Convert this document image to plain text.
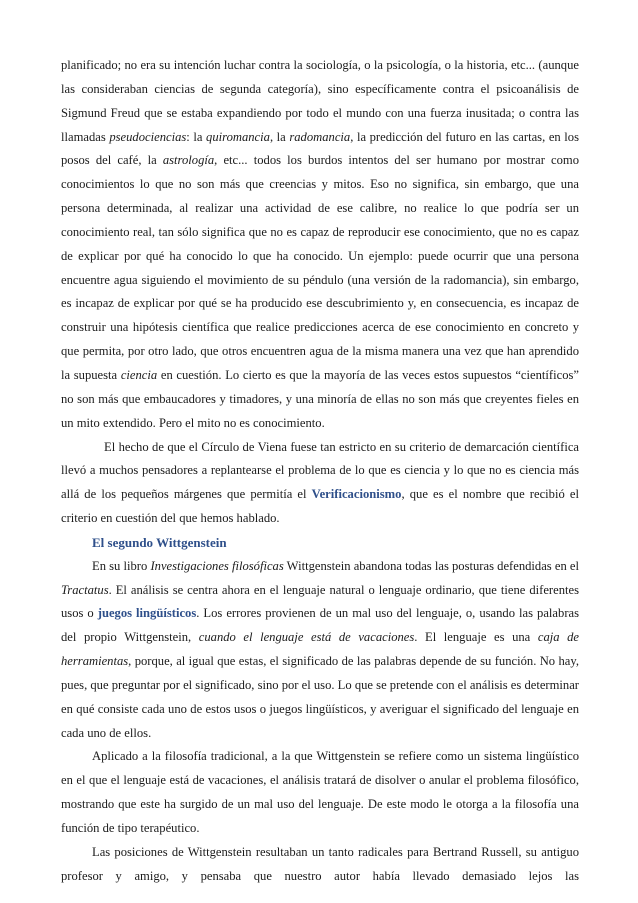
planificado; no era su intención luchar contra la sociología, o la psicología, o la historia, etc... (aunque las consideraban ciencias de segunda categoría), sino específicamente contra el psicoanálisis de Sigmund Freud que se estaba expandiendo por todo el mundo con una fuerza inusitada; o contra las llamadas pseudociencias: la quiromancia, la radomancia, la predicción del futuro en las cartas, en los posos del café, la astrología, etc... todos los burdos intentos del ser humano por mostrar como conocimientos lo que no son más que creencias y mitos. Eso no significa, sin embargo, que una persona determinada, al realizar una actividad de ese calibre, no realice lo que podría ser un conocimiento real, tan sólo significa que no es capaz de reproducir ese conocimiento, que no es capaz de explicar por qué ha conocido lo que ha conocido. Un ejemplo: puede ocurrir que una persona encuentre agua siguiendo el movimiento de su péndulo (una versión de la radomancia), sin embargo, es incapaz de explicar por qué se ha producido ese descubrimiento y, en consecuencia, es incapaz de construir una hipótesis científica que realice predicciones acerca de ese conocimiento en concreto y que permita, por otro lado, que otros encuentren agua de la misma manera una vez que han aprendido la supuesta ciencia en cuestión. Lo cierto es que la mayoría de las veces estos supuestos “científicos” no son más que embaucadores y timadores, y una minoría de ellas no son más que creyentes fieles en un mito extendido. Pero el mito no es conocimiento.

El hecho de que el Círculo de Viena fuese tan estricto en su criterio de demarcación científica llevó a muchos pensadores a replantearse el problema de lo que es ciencia y lo que no es ciencia más allá de los pequeños márgenes que permitía el Verificacionismo, que es el nombre que recibió el criterio en cuestión del que hemos hablado.

El segundo Wittgenstein

En su libro Investigaciones filosóficas Wittgenstein abandona todas las posturas defendidas en el Tractatus. El análisis se centra ahora en el lenguaje natural o lenguaje ordinario, que tiene diferentes usos o juegos lingüísticos. Los errores provienen de un mal uso del lenguaje, o, usando las palabras del propio Wittgenstein, cuando el lenguaje está de vacaciones. El lenguaje es una caja de herramientas, porque, al igual que estas, el significado de las palabras depende de su función. No hay, pues, que preguntar por el significado, sino por el uso. Lo que se pretende con el análisis es determinar en qué consiste cada uno de estos usos o juegos lingüísticos, y averiguar el significado del lenguaje en cada uno de ellos.

Aplicado a la filosofía tradicional, a la que Wittgenstein se refiere como un sistema lingüístico en el que el lenguaje está de vacaciones, el análisis tratará de disolver o anular el problema filosófico, mostrando que este ha surgido de un mal uso del lenguaje. De este modo le otorga a la filosofía una función de tipo terapéutico.

Las posiciones de Wittgenstein resultaban un tanto radicales para Bertrand Russell, su antiguo profesor y amigo, y pensaba que nuestro autor había llevado demasiado lejos las
